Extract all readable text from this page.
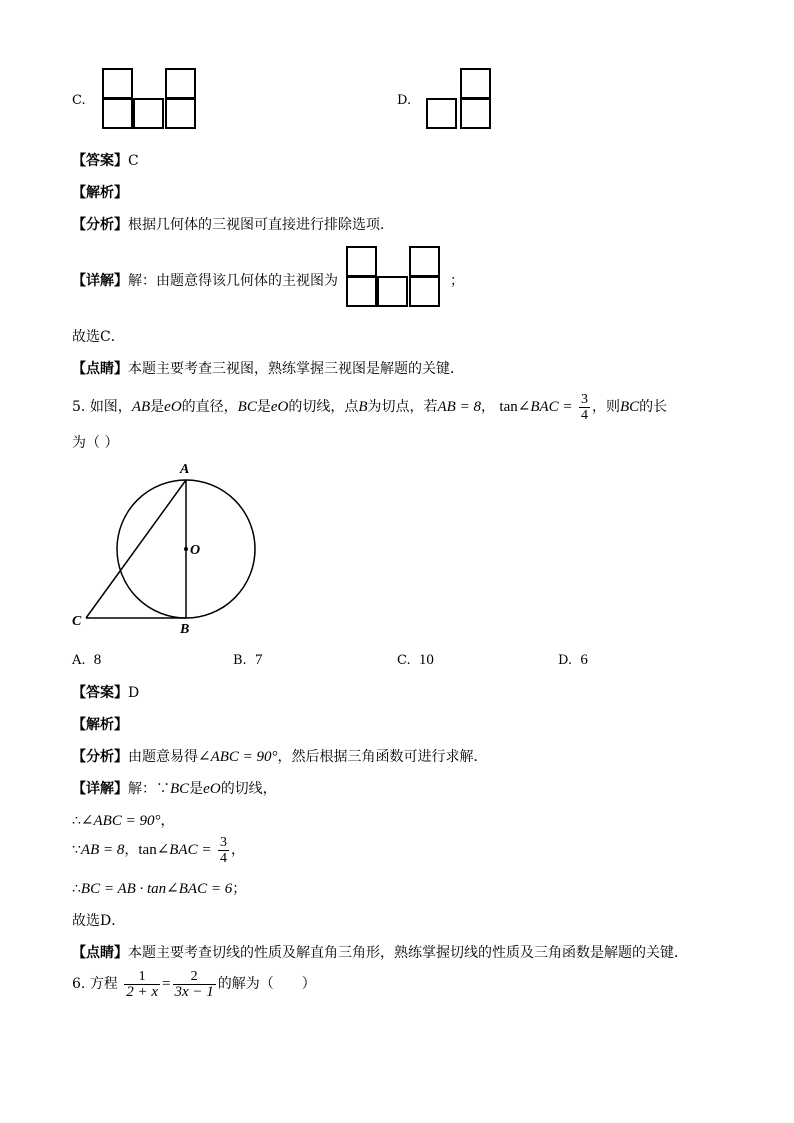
C.	D.
【答案】C
【解析】
【分析】根据几何体的三视图可直接进行排除选项．
【详解】解：由题意得该几何体的主视图为	；
故选C．
【点睛】本题主要考查三视图，熟练掌握三视图是解题的关键．
5. 如图，AB是eO的直径，BC是eO的切线，点B为切点，若AB = 8， tan∠BAC = $\frac{3}{4}$ ，则BC的长
为（ ）
A
O
C
B
A. 8	B. 7	C. 10	D. 6
【答案】D
【解析】
【分析】由题意易得∠ABC = 90°，然后根据三角函数可进行求解．
【详解】解：∵BC是eO的切线，
∴∠ABC = 90°，
∵AB = 8，tan∠BAC = $\frac{3}{4}$ ，
∴BC = AB · tan∠BAC = 6；
故选D．
【点睛】本题主要考查切线的性质及解直角三角形，熟练掌握切线的性质及三角函数是解题的关键．
6. 方程 $\frac{1}{2 + x} = \frac{2}{3x - 1}$ 的解为（　　）
